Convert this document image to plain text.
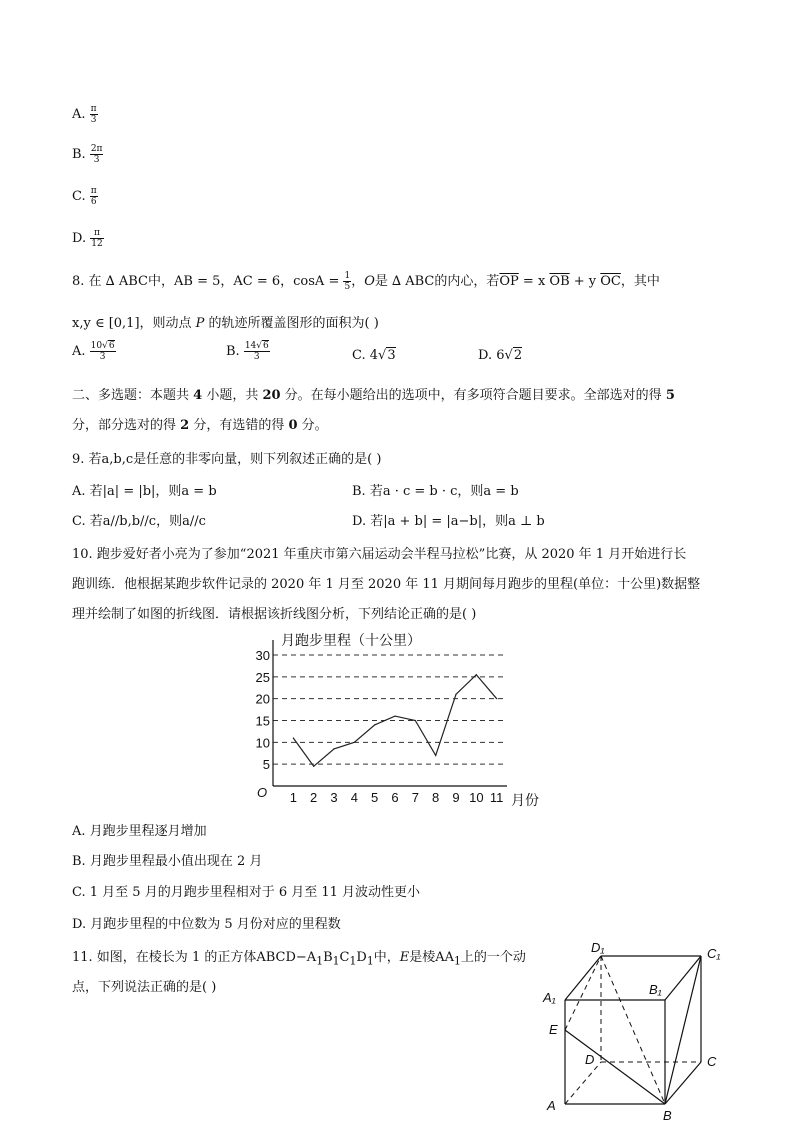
A. $\frac{\pi}{3}$
B. $\frac{2\pi}{3}$
C. $\frac{\pi}{6}$
D. $\frac{\pi}{12}$
8. 在 ∆ ABC中，AB = 5，AC = 6，$\cos A = \frac{1}{5}$ ，O是 ∆ ABC的内心，若$\overline{OP} = x$ $\overline{OB} + y$ $\overline{OC}$，其中
x,y ∈ [0,1]，则动点 P 的轨迹所覆盖图形的面积为( )
A. $\frac{10√6}{3}$	B. $\frac{14√6}{3}$	C. 4√3	D. 6√2
二、多选题：本题共 4 小题，共 20 分。在每小题给出的选项中，有多项符合题目要求。全部选对的得 5
分，部分选对的得 2 分，有选错的得 0 分。
9. 若a,b,c是任意的非零向量，则下列叙述正确的是( )
A. 若|a| = |b|，则a = b	B. 若a · c = b · c，则a = b
C. 若a//b,b//c，则a//c	D. 若|a + b| = |a−b|，则a ⊥ b
10. 跑步爱好者小亮为了参加“2021 年重庆市第六届运动会半程马拉松”比赛，从 2020 年 1 月开始进行长
跑训练．他根据某跑步软件记录的 2020 年 1 月至 2020 年 11 月期间每月跑步的里程(单位：十公里)数据整
理并绘制了如图的折线图．请根据该折线图分析，下列结论正确的是( )
月跑步里程（十公里）
O	月份
5
10
15
20
25
30
1 2 3 4 5 6 7 8 9 10 11
A. 月跑步里程逐月增加
B. 月跑步里程最小值出现在 2 月
C. 1 月至 5 月的月跑步里程相对于 6 月至 11 月波动性更小
D. 月跑步里程的中位数为 5 月份对应的里程数
11. 如图，在棱长为 1 的正方体$ABCD-A_1B_1C_1D_1$中，E是棱$AA_1$上的一个动
点，下列说法正确的是( )
D₁	C₁
A₁
B₁
E
D	C
A
B
